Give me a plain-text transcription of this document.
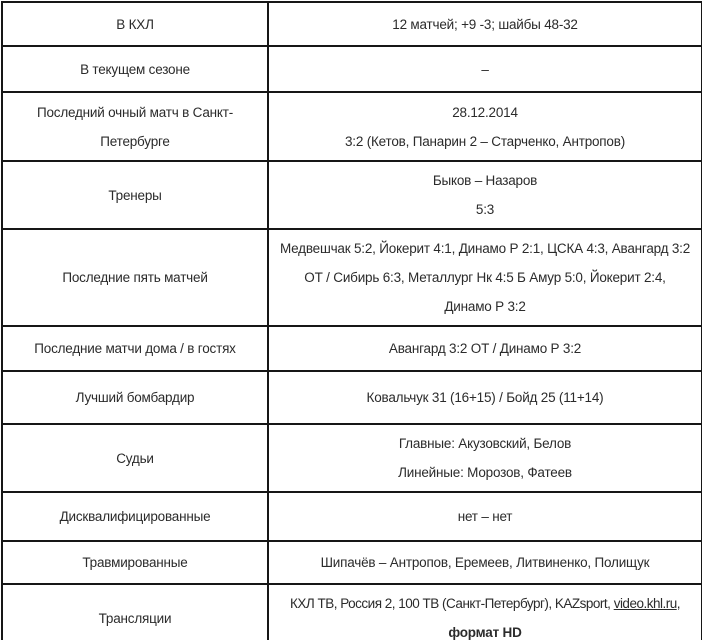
В КХЛ	12 матчей; +9 -3; шайбы 48-32
В текущем сезоне	–
Последний очный матч в Санкт-Петербурге	28.12.2014
3:2 (Кетов, Панарин 2 – Старченко, Антропов)

Тренеры	Быков – Назаров
5:3

Последние пять матчей	Медвешчак 5:2, Йокерит 4:1, Динамо Р 2:1, ЦСКА 4:3, Авангард 3:2
ОТ / Сибирь 6:3, Металлург Нк 4:5 Б Амур 5:0, Йокерит 2:4,
Динамо Р 3:2

Последние матчи дома / в гостях	Авангард 3:2 ОТ / Динамо Р 3:2
Лучший бомбардир	Ковальчук 31 (16+15) / Бойд 25 (11+14)
Судьи	Главные: Акузовский, Белов
Линейные: Морозов, Фатеев

Дисквалифицированные	нет – нет
Травмированные	Шипачёв – Антропов, Еремеев, Литвиненко, Полищук
Трансляции	КХЛ ТВ, Россия 2, 100 ТВ (Санкт-Петербург), KAZsport, video.khl.ru,
формат HD
